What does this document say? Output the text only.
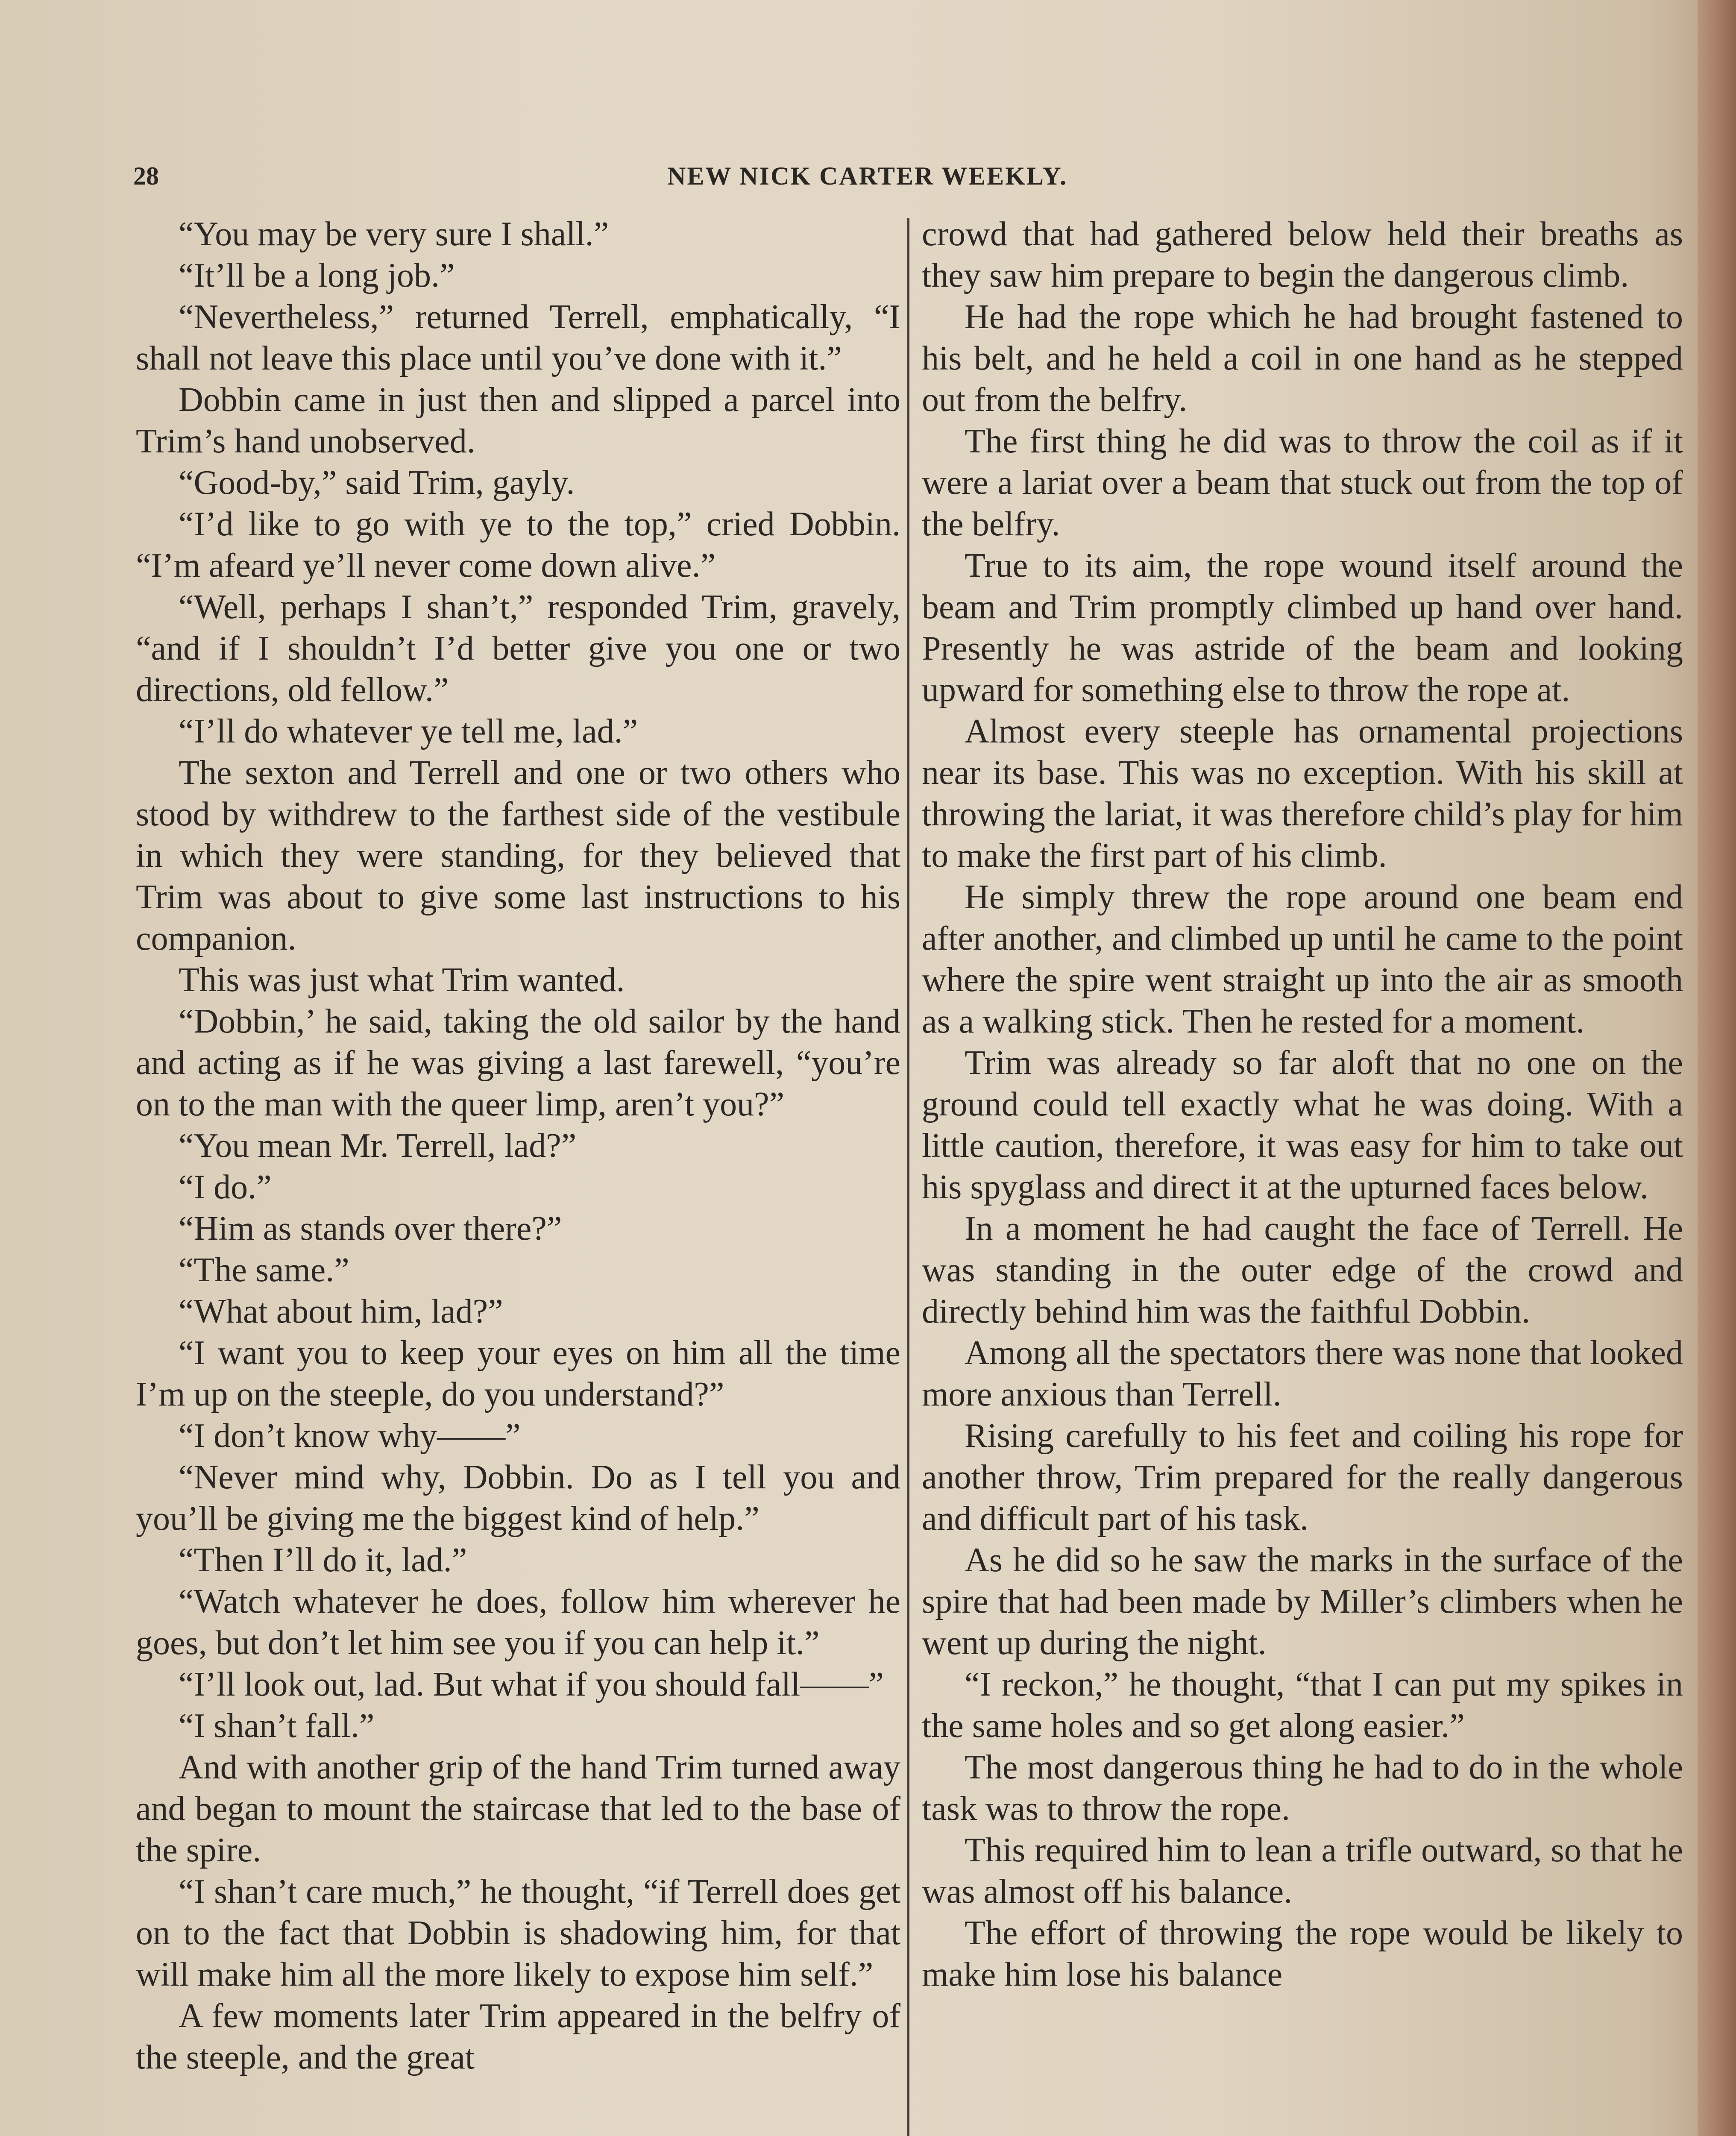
28	NEW NICK CARTER WEEKLY.

“You may be very sure I shall.”

“It’ll be a long job.”

“Nevertheless,” returned Terrell, emphatically, “I shall not leave this place until you’ve done with it.”

Dobbin came in just then and slipped a parcel into Trim’s hand unobserved.

“Good-by,” said Trim, gayly.

“I’d like to go with ye to the top,” cried Dobbin. “I’m afeard ye’ll never come down alive.”

“Well, perhaps I shan’t,” responded Trim, gravely, “and if I shouldn’t I’d better give you one or two directions, old fellow.”

“I’ll do whatever ye tell me, lad.”

The sexton and Terrell and one or two others who stood by withdrew to the farthest side of the vestibule in which they were standing, for they believed that Trim was about to give some last instructions to his companion.

This was just what Trim wanted.

“Dobbin,’ he said, taking the old sailor by the hand and acting as if he was giving a last farewell, “you’re on to the man with the queer limp, aren’t you?”

“You mean Mr. Terrell, lad?”

“I do.”

“Him as stands over there?”

“The same.”

“What about him, lad?”

“I want you to keep your eyes on him all the time I’m up on the steeple, do you understand?”

“I don’t know why——”

“Never mind why, Dobbin. Do as I tell you and you’ll be giving me the biggest kind of help.”

“Then I’ll do it, lad.”

“Watch whatever he does, follow him wherever he goes, but don’t let him see you if you can help it.”

“I’ll look out, lad. But what if you should fall——”

“I shan’t fall.”

And with another grip of the hand Trim turned away and began to mount the staircase that led to the base of the spire.

“I shan’t care much,” he thought, “if Terrell does get on to the fact that Dobbin is shadowing him, for that will make him all the more likely to expose him self.”

A few moments later Trim appeared in the belfry of the steeple, and the great

crowd that had gathered below held their breaths as they saw him prepare to begin the dangerous climb.

He had the rope which he had brought fastened to his belt, and he held a coil in one hand as he stepped out from the belfry.

The first thing he did was to throw the coil as if it were a lariat over a beam that stuck out from the top of the belfry.

True to its aim, the rope wound itself around the beam and Trim promptly climbed up hand over hand. Presently he was astride of the beam and looking upward for something else to throw the rope at.

Almost every steeple has ornamental projections near its base. This was no exception. With his skill at throwing the lariat, it was therefore child’s play for him to make the first part of his climb.

He simply threw the rope around one beam end after another, and climbed up until he came to the point where the spire went straight up into the air as smooth as a walking stick. Then he rested for a moment.

Trim was already so far aloft that no one on the ground could tell exactly what he was doing. With a little caution, therefore, it was easy for him to take out his spyglass and direct it at the upturned faces below.

In a moment he had caught the face of Terrell. He was standing in the outer edge of the crowd and directly behind him was the faithful Dobbin.

Among all the spectators there was none that looked more anxious than Terrell.

Rising carefully to his feet and coiling his rope for another throw, Trim prepared for the really dangerous and difficult part of his task.

As he did so he saw the marks in the surface of the spire that had been made by Miller’s climbers when he went up during the night.

“I reckon,” he thought, “that I can put my spikes in the same holes and so get along easier.”

The most dangerous thing he had to do in the whole task was to throw the rope.

This required him to lean a trifle outward, so that he was almost off his balance.

The effort of throwing the rope would be likely to make him lose his balance
